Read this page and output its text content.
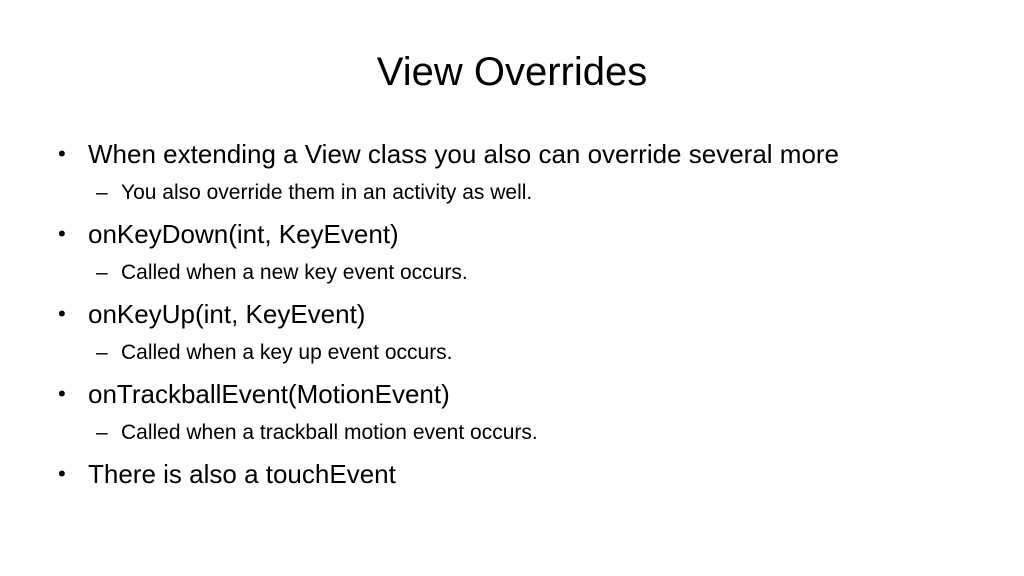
View Overrides
• When extending a View class you also can override several more
– You also override them in an activity as well.
• onKeyDown(int, KeyEvent)
– Called when a new key event occurs.
• onKeyUp(int, KeyEvent)
– Called when a key up event occurs.
• onTrackballEvent(MotionEvent)
– Called when a trackball motion event occurs.
• There is also a touchEvent
